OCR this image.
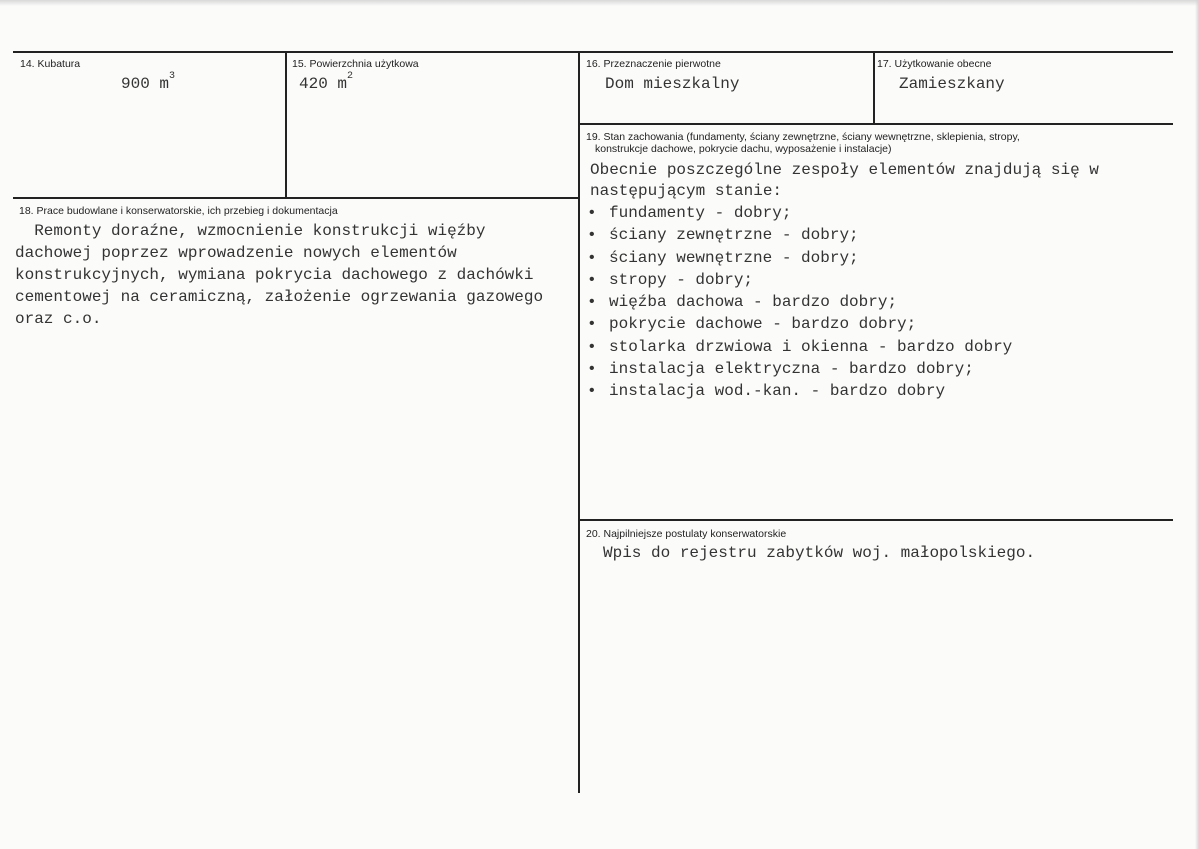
14. Kubatura
900 $m^3$
15. Powierzchnia użytkowa
420 $m^2$
16. Przeznaczenie pierwotne
Dom mieszkalny
17. Użytkowanie obecne
Zamieszkany
18. Prace budowlane i konserwatorskie, ich przebieg i dokumentacja
Remonty doraźne, wzmocnienie konstrukcji więźby
dachowej poprzez wprowadzenie nowych elementów
konstrukcyjnych, wymiana pokrycia dachowego z dachówki
cementowej na ceramiczną, założenie ogrzewania gazowego
oraz c.o.
19. Stan zachowania (fundamenty, ściany zewnętrzne, ściany wewnętrzne, sklepienia, stropy,
konstrukcje dachowe, pokrycie dachu, wyposażenie i instalacje)
Obecnie poszczególne zespoły elementów znajdują się w
następującym stanie:
• fundamenty - dobry;
• ściany zewnętrzne - dobry;
• ściany wewnętrzne - dobry;
• stropy - dobry;
• więźba dachowa - bardzo dobry;
• pokrycie dachowe - bardzo dobry;
• stolarka drzwiowa i okienna - bardzo dobry
• instalacja elektryczna - bardzo dobry;
• instalacja wod.-kan. - bardzo dobry
20. Najpilniejsze postulaty konserwatorskie
Wpis do rejestru zabytków woj. małopolskiego.
